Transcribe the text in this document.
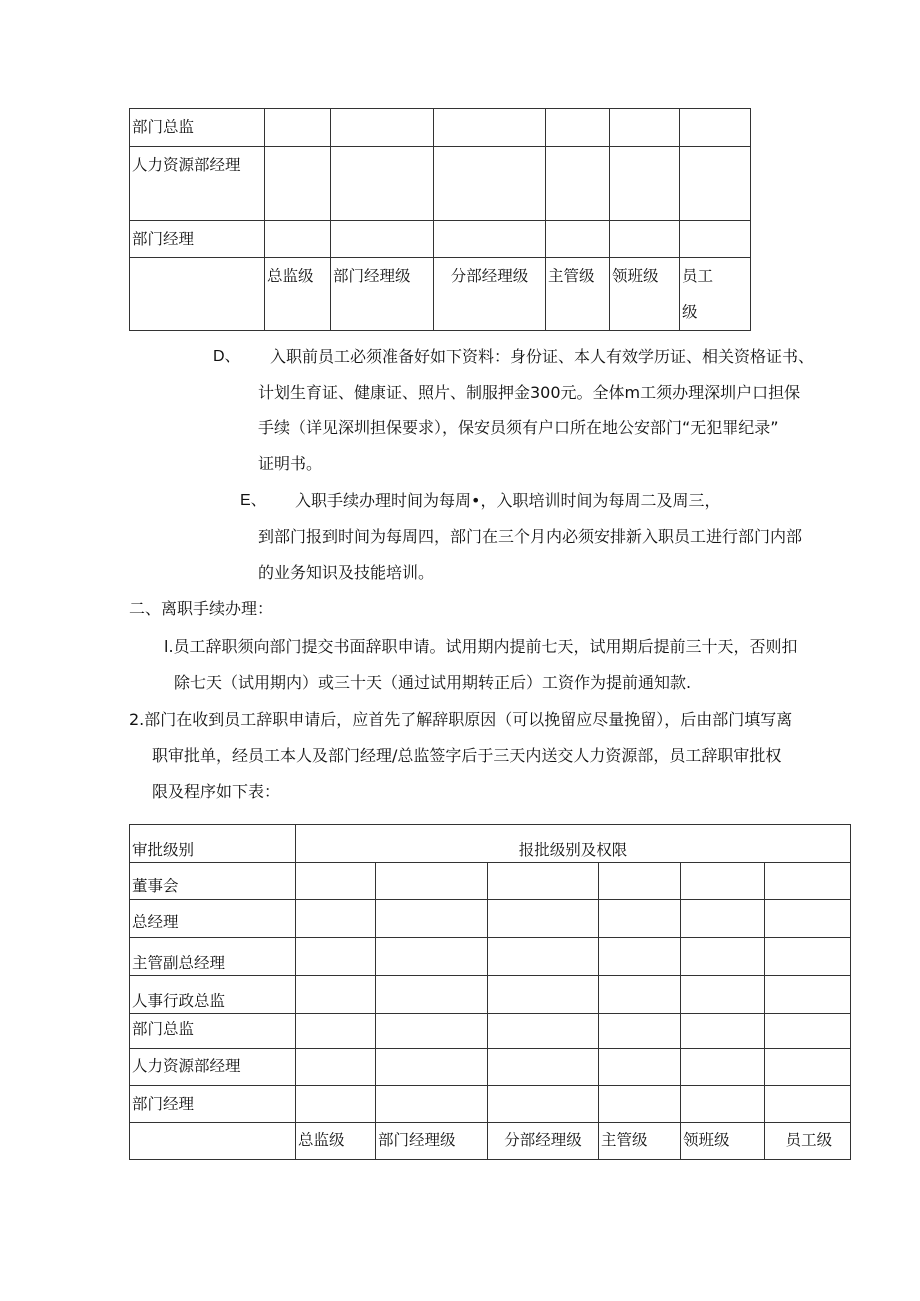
部门总监						
人力资源部经理						
部门经理						
	总监级	部门经理级	分部经理级	主管级	领班级	员工级
D、 入职前员工必须准备好如下资料：身份证、本人有效学历证、相关资格证书、
计划生育证、健康证、照片、制服押金300元。全体m工须办理深圳户口担保
手续（详见深圳担保要求），保安员须有户口所在地公安部门“无犯罪纪录”
证明书。
E、 入职手续办理时间为每周•，入职培训时间为每周二及周三，
到部门报到时间为每周四，部门在三个月内必须安排新入职员工进行部门内部
的业务知识及技能培训。
二、离职手续办理：
l.员工辞职须向部门提交书面辞职申请。试用期内提前七天，试用期后提前三十天，否则扣
除七天（试用期内）或三十天（通过试用期转正后）工资作为提前通知款.
2.部门在收到员工辞职申请后，应首先了解辞职原因（可以挽留应尽量挽留），后由部门填写离
职审批单，经员工本人及部门经理/总监签字后于三天内送交人力资源部，员工辞职审批权
限及程序如下表：
审批级别	报批级别及权限					
董事会						
总经理						
主管副总经理						
人事行政总监						
部门总监						
人力资源部经理						
部门经理						
	总监级	部门经理级	分部经理级	主管级	领班级	员工级
